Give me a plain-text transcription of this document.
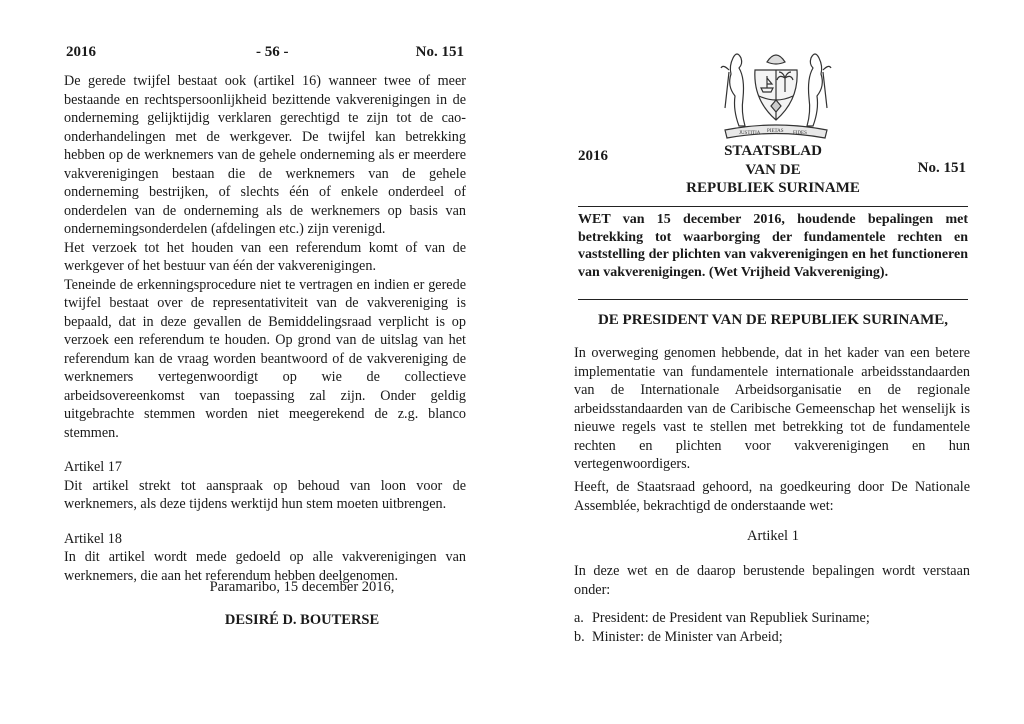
2016	- 56 -	No. 151

De gerede twijfel bestaat ook (artikel 16) wanneer twee of meer bestaande en rechtspersoonlijkheid bezittende vakverenigingen in de onderneming gelijktijdig verklaren gerechtigd te zijn tot de cao-onderhandelingen met de werkgever. De twijfel kan betrekking hebben op de werknemers van de gehele onderneming als er meerdere vakverenigingen bestaan die de werknemers van de gehele onderneming bestrijken, of slechts één of enkele onderdeel of onderdelen van de onderneming als de werknemers op basis van ondernemingsonderdelen (afdelingen etc.) zijn verenigd.

Het verzoek tot het houden van een referendum komt of van de werkgever of het bestuur van één der vakverenigingen.

Teneinde de erkenningsprocedure niet te vertragen en indien er gerede twijfel bestaat over de representativiteit van de vakvereniging is bepaald, dat in deze gevallen de Bemiddelingsraad verplicht is op verzoek een referendum te houden. Op grond van de uitslag van het referendum kan de vraag worden beantwoord of de vakvereniging de werknemers vertegenwoordigt op wie de collectieve arbeidsovereenkomst van toepassing zal zijn. Onder geldig uitgebrachte stemmen worden niet meegerekend de z.g. blanco stemmen.

Artikel 17

Dit artikel strekt tot aanspraak op behoud van loon voor de werknemers, als deze tijdens werktijd hun stem moeten uitbrengen.

Artikel 18

In dit artikel wordt mede gedoeld op alle vakverenigingen van werknemers, die aan het referendum hebben deelgenomen.

Paramaribo, 15 december 2016,
DESIRÉ D. BOUTERSE
JUSTITIA PIETAS FIDES
2016	STAATSBLAD
VAN DE
REPUBLIEK SURINAME
No. 151
WET van 15 december 2016, houdende bepalingen met betrekking tot waarborging der fundamentele rechten en vaststelling der plichten van vakverenigingen en het functioneren van vakverenigingen. (Wet Vrijheid Vakvereniging).
DE PRESIDENT VAN DE REPUBLIEK SURINAME,

In overweging genomen hebbende, dat in het kader van een betere implementatie van fundamentele internationale arbeidsstandaarden van de Internationale Arbeidsorganisatie en de regionale arbeidsstandaarden van de Caribische Gemeenschap het wenselijk is nieuwe regels vast te stellen met betrekking tot de fundamentele rechten en plichten voor vakverenigingen en hun vertegenwoordigers.

Heeft, de Staatsraad gehoord, na goedkeuring door De Nationale Assemblée, bekrachtigd de onderstaande wet:

Artikel 1

In deze wet en de daarop berustende bepalingen wordt verstaan onder:

a. President: de President van Republiek Suriname;
b. Minister: de Minister van Arbeid;
